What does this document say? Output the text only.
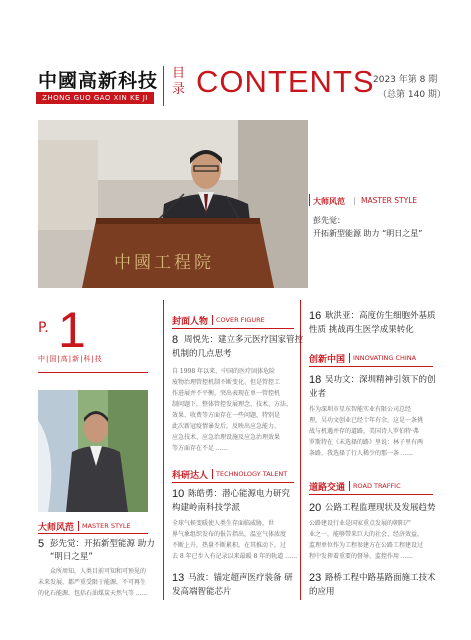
中國高新科技
ZHONG GUO GAO XIN KE JI
目录 CONTENTS
2023 年第 8 期
（总第 140 期）
中國工程院
大师风范 | MASTER STYLE
彭先觉：
开拓新型能源 助力 “明日之星”
P. 1
中|国|高|新|科|技
大师风范 MASTER STYLE
5 彭先觉：开拓新型能源 助力
“明日之星”
众所周知，人类目前可知和可预见的
未来发展，都严重受限于能源，不可再生
的化石能源，包括石油煤炭天然气等 ……
封面人物 COVER FIGURE
8 周悦先：建立多元医疗国家管控
机制的几点思考
自 1998 年以来，中国的医疗固体危险
废物治理管控机制不断变化，但是管控工
作进展并不平衡，突出表现在单一管控机
制问题下，整体管控发展理念、技术、方法、
效果、收费等方面存在一些问题，特别是
此次新冠疫情暴发后，反映出应急能力、
应急技术、应急治理设施及应急治理效果
等方面存在不足 ……
科研达人 TECHNOLOGY TALENT
10 陈皓勇：潜心能源电力研究
构建岭南科技学派
全球气候变暖使人类生存面临威胁，世
界气象组织发布的报告指出，温室气体浓度
不断上升，热量不断累积，在其推动下，过
去 8 年已步入有记录以来最暖 8 年的轨道 ……
13 马波：锚定超声医疗装备 研
发高端智能芯片
16 耿洪亚：高度仿生细胞外基质
性质 挑战再生医学成果转化
创新中国 INNOVATING CHINA
18 吴功文：深圳精神引领下的创
业者
作为深圳市星东智能实业有限公司总经
理，吴功文创业已经十年有余，这是一条挑
战与机遇并存的道路，美国诗人罗伯特·弗
罗斯特在《未选择的路》里说：林子里有两
条路，我选择了行人稀少的那一条 ……
道路交通 ROAD TRAFFIC
20 公路工程监理现状及发展趋势
公路建设行业是国家重点发展的朝阳产
业之一，能够带来巨大的社会、经济效益，
监理单位作为工程参建方在公路工程建设过
程中发挥着重要的督导、监控作用 ……
23 路桥工程中路基路面施工技术
的应用
